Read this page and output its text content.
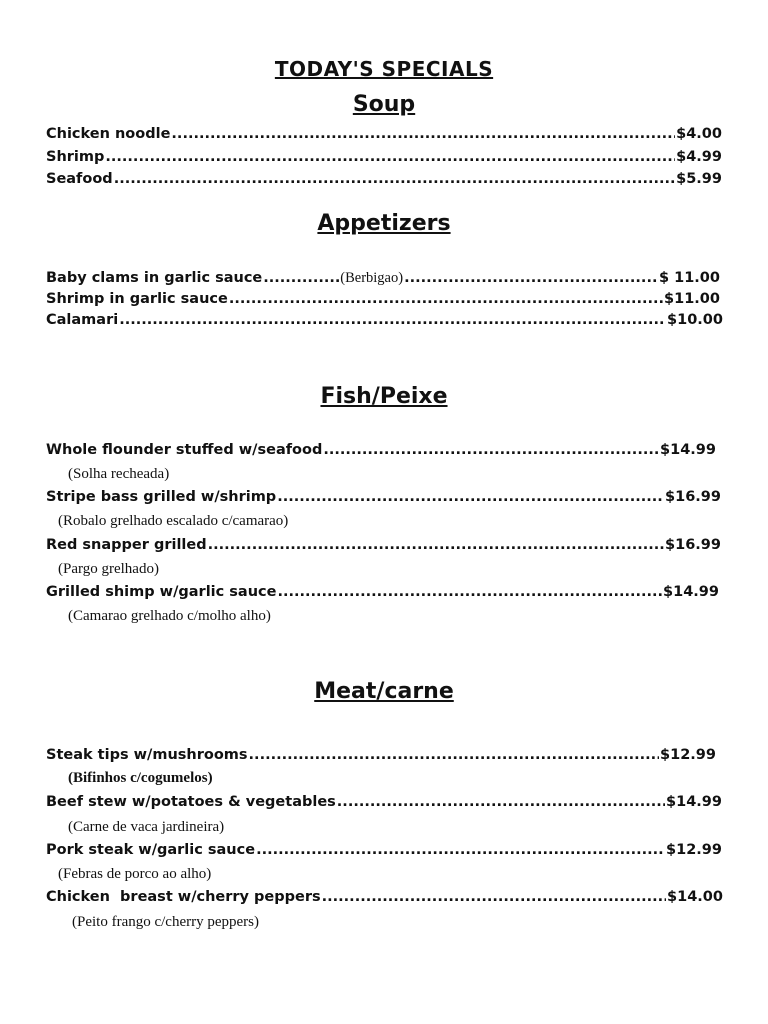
TODAY'S SPECIALS
Soup
Chicken noodle .....	$4.00
Shrimp .....	$4.99
Seafood .....	$5.99
Appetizers
Baby clams in garlic sauce .....	(Berbigao) .....	$ 11.00
Shrimp in garlic sauce .....	$11.00
Calamari .....	$10.00
Fish/Peixe
Whole flounder stuffed w/seafood .....	$14.99
(Solha recheada)
Stripe bass grilled w/shrimp .....	$16.99
(Robalo grelhado escalado c/camarao)
Red snapper grilled .....	$16.99
(Pargo grelhado)
Grilled shimp w/garlic sauce .....	$14.99
(Camarao grelhado c/molho alho)
Meat/carne
Steak tips w/mushrooms .....	$12.99
(Bifinhos c/cogumelos)
Beef stew w/potatoes & vegetables .....	$14.99
(Carne de vaca jardineira)
Pork steak w/garlic sauce .....	$12.99
(Febras de porco ao alho)
Chicken  breast w/cherry peppers .....	$14.00
(Peito frango c/cherry peppers)
